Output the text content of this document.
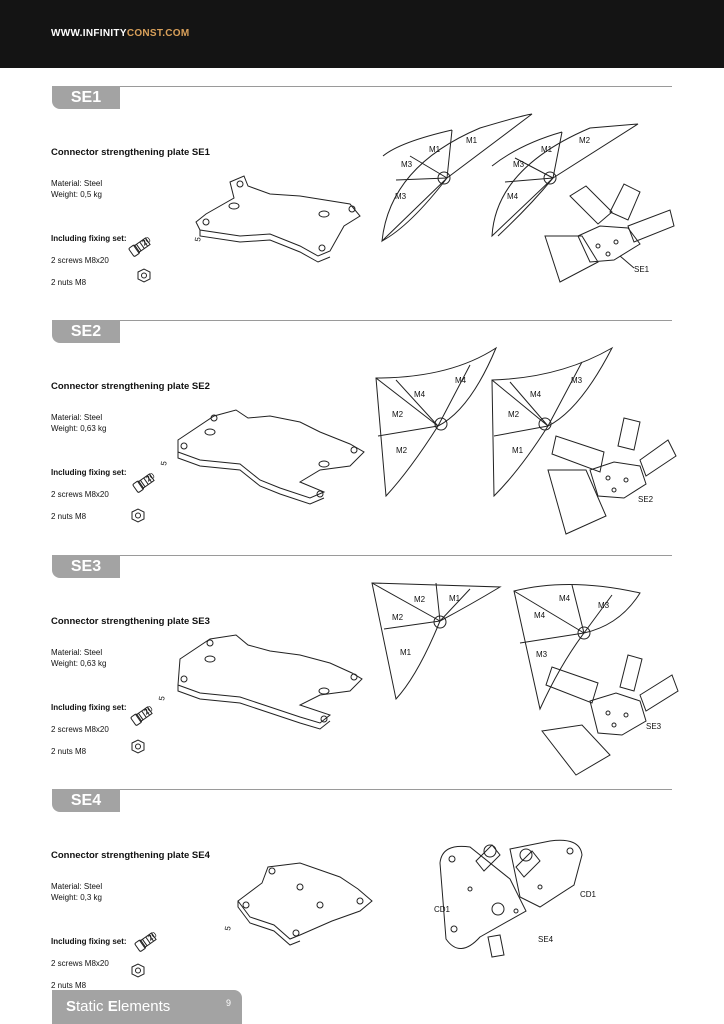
WWW.INFINITYCONST.COM
SE1
Connector strengthening plate SE1
Material: Steel
Weight: 0,5 kg
Including fixing set:
2 screws M8x20
2 nuts M8
5
20
M1
M3
M1
M3
M1
M3
M2
M4
SE1
SE2
Connector strengthening plate SE2
Material: Steel
Weight: 0,63 kg
Including fixing set:
2 screws M8x20
2 nuts M8
5
20
M4
M2
M4
M2
M4
M2
M3
M1
SE2
SE3
Connector strengthening plate SE3
Material: Steel
Weight: 0,63 kg
Including fixing set:
2 screws M8x20
2 nuts M8
5
20
M2
M2
M1
M1
M4
M4
M3
M3
SE3
SE4
Connector strengthening plate SE4
Material: Steel
Weight: 0,3 kg
Including fixing set:
2 screws M8x20
2 nuts M8
5
20
CD1
CD1
SE4
Static Elements	9
